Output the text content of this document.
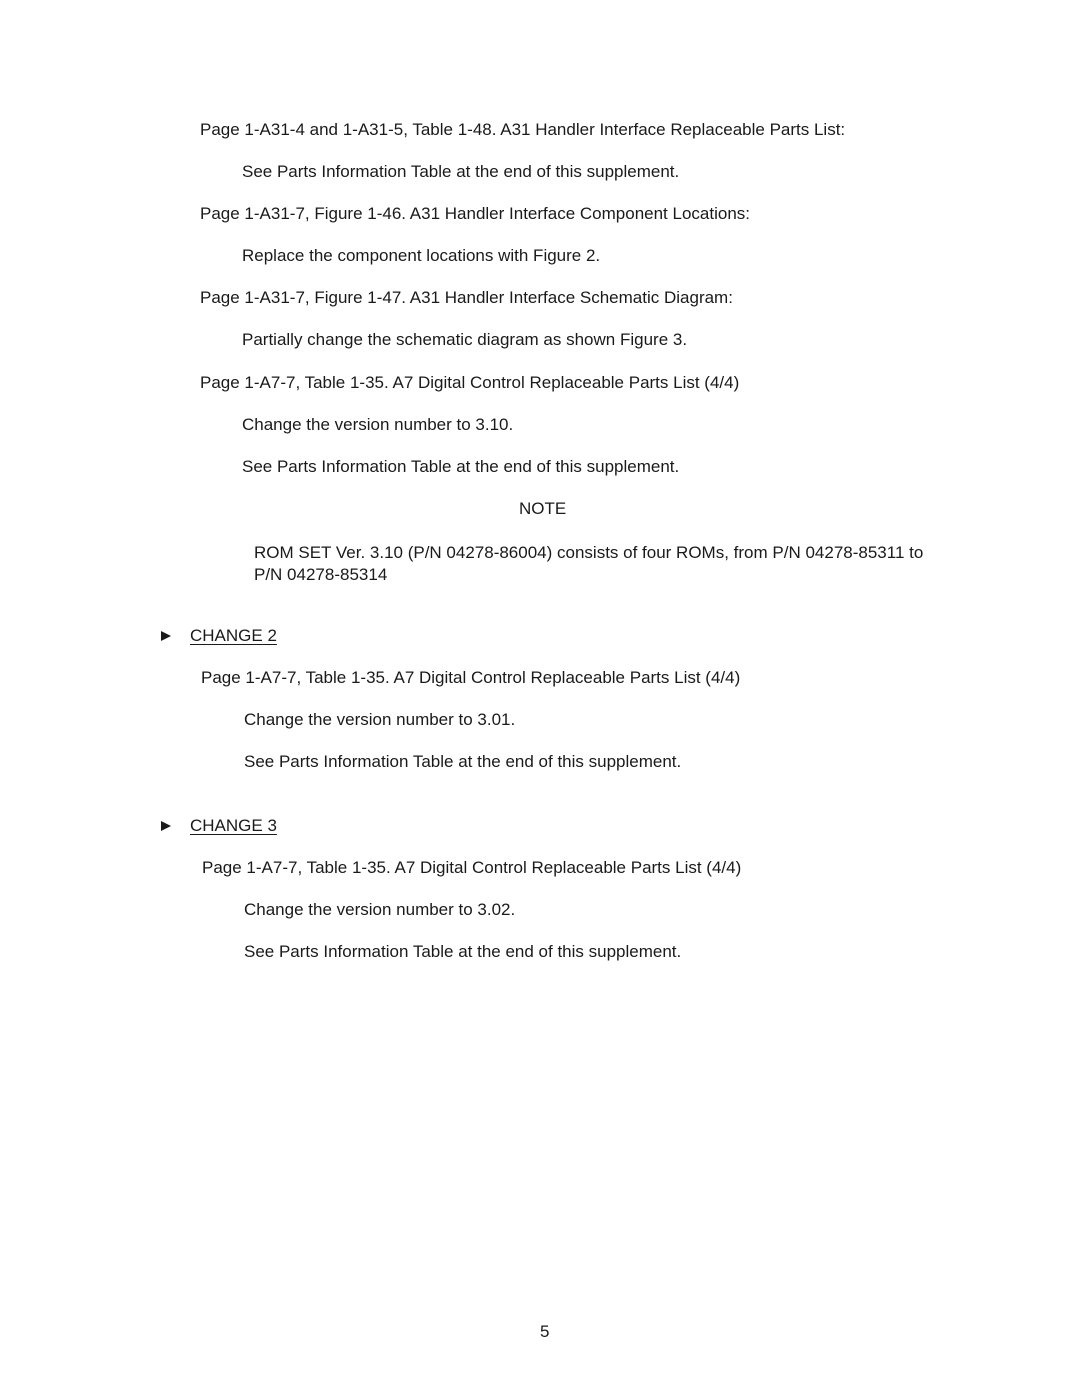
Page 1-A31-4 and 1-A31-5, Table 1-48. A31 Handler Interface Replaceable Parts List:
See Parts Information Table at the end of this supplement.
Page 1-A31-7, Figure 1-46. A31 Handler Interface Component Locations:
Replace the component locations with Figure 2.
Page 1-A31-7, Figure 1-47. A31 Handler Interface Schematic Diagram:
Partially change the schematic diagram as shown Figure 3.
Page 1-A7-7, Table 1-35. A7 Digital Control Replaceable Parts List (4/4)
Change the version number to 3.10.
See Parts Information Table at the end of this supplement.
NOTE
ROM SET Ver. 3.10 (P/N 04278-86004) consists of four ROMs, from P/N 04278-85311 to P/N 04278-85314
CHANGE 2
Page 1-A7-7, Table 1-35. A7 Digital Control Replaceable Parts List (4/4)
Change the version number to 3.01.
See Parts Information Table at the end of this supplement.
CHANGE 3
Page 1-A7-7, Table 1-35. A7 Digital Control Replaceable Parts List (4/4)
Change the version number to 3.02.
See Parts Information Table at the end of this supplement.
5
